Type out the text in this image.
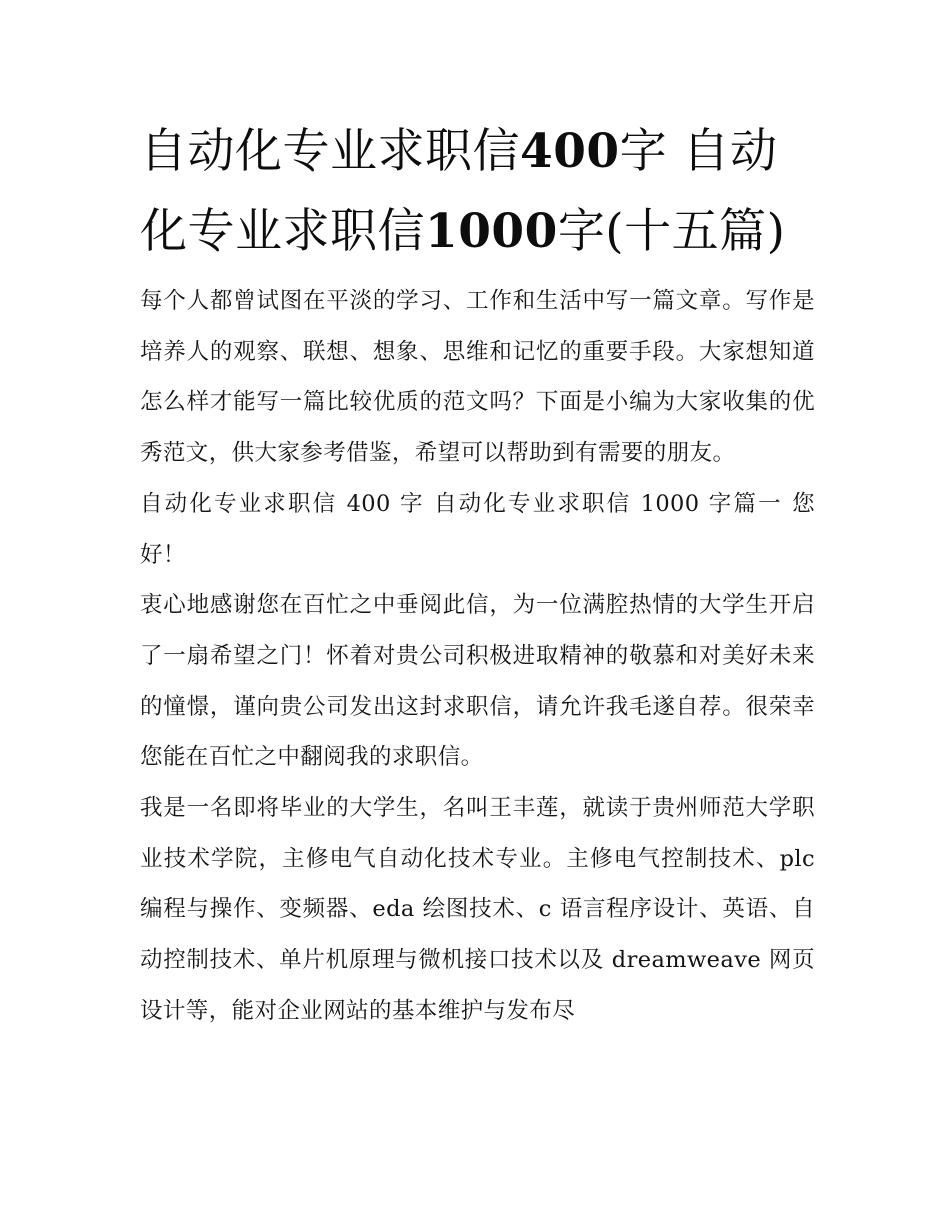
自动化专业求职信400字 自动化专业求职信1000字(十五篇)

每个人都曾试图在平淡的学习、工作和生活中写一篇文章。写作是培养人的观察、联想、想象、思维和记忆的重要手段。大家想知道怎么样才能写一篇比较优质的范文吗？下面是小编为大家收集的优秀范文，供大家参考借鉴，希望可以帮助到有需要的朋友。

自动化专业求职信 400 字 自动化专业求职信 1000 字篇一 您好！

衷心地感谢您在百忙之中垂阅此信，为一位满腔热情的大学生开启了一扇希望之门！怀着对贵公司积极进取精神的敬慕和对美好未来的憧憬，谨向贵公司发出这封求职信，请允许我毛遂自荐。很荣幸您能在百忙之中翻阅我的求职信。

我是一名即将毕业的大学生，名叫王丰莲，就读于贵州师范大学职业技术学院，主修电气自动化技术专业。主修电气控制技术、plc 编程与操作、变频器、eda 绘图技术、c 语言程序设计、英语、自动控制技术、单片机原理与微机接口技术以及 dreamweave 网页设计等，能对企业网站的基本维护与发布尽
